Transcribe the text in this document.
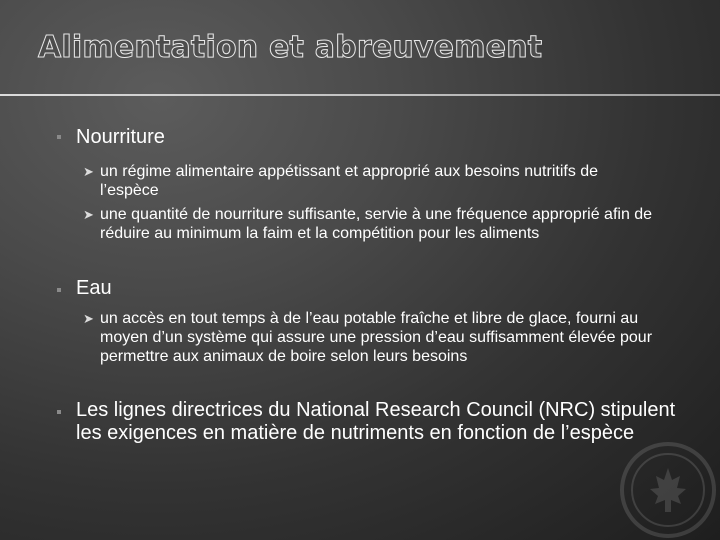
Alimentation et abreuvement
Nourriture
➤ un régime alimentaire appétissant et approprié aux besoins nutritifs de l’espèce
➤ une quantité de nourriture suffisante, servie à une fréquence approprié afin de réduire au minimum la faim et la compétition pour les aliments
Eau
➤ un accès en tout temps à de l’eau potable fraîche et libre de glace, fourni au moyen d’un système qui assure une pression d’eau suffisamment élevée pour permettre aux animaux de boire selon leurs besoins
Les lignes directrices du National Research Council (NRC) stipulent les exigences en matière de nutriments en fonction de l’espèce
